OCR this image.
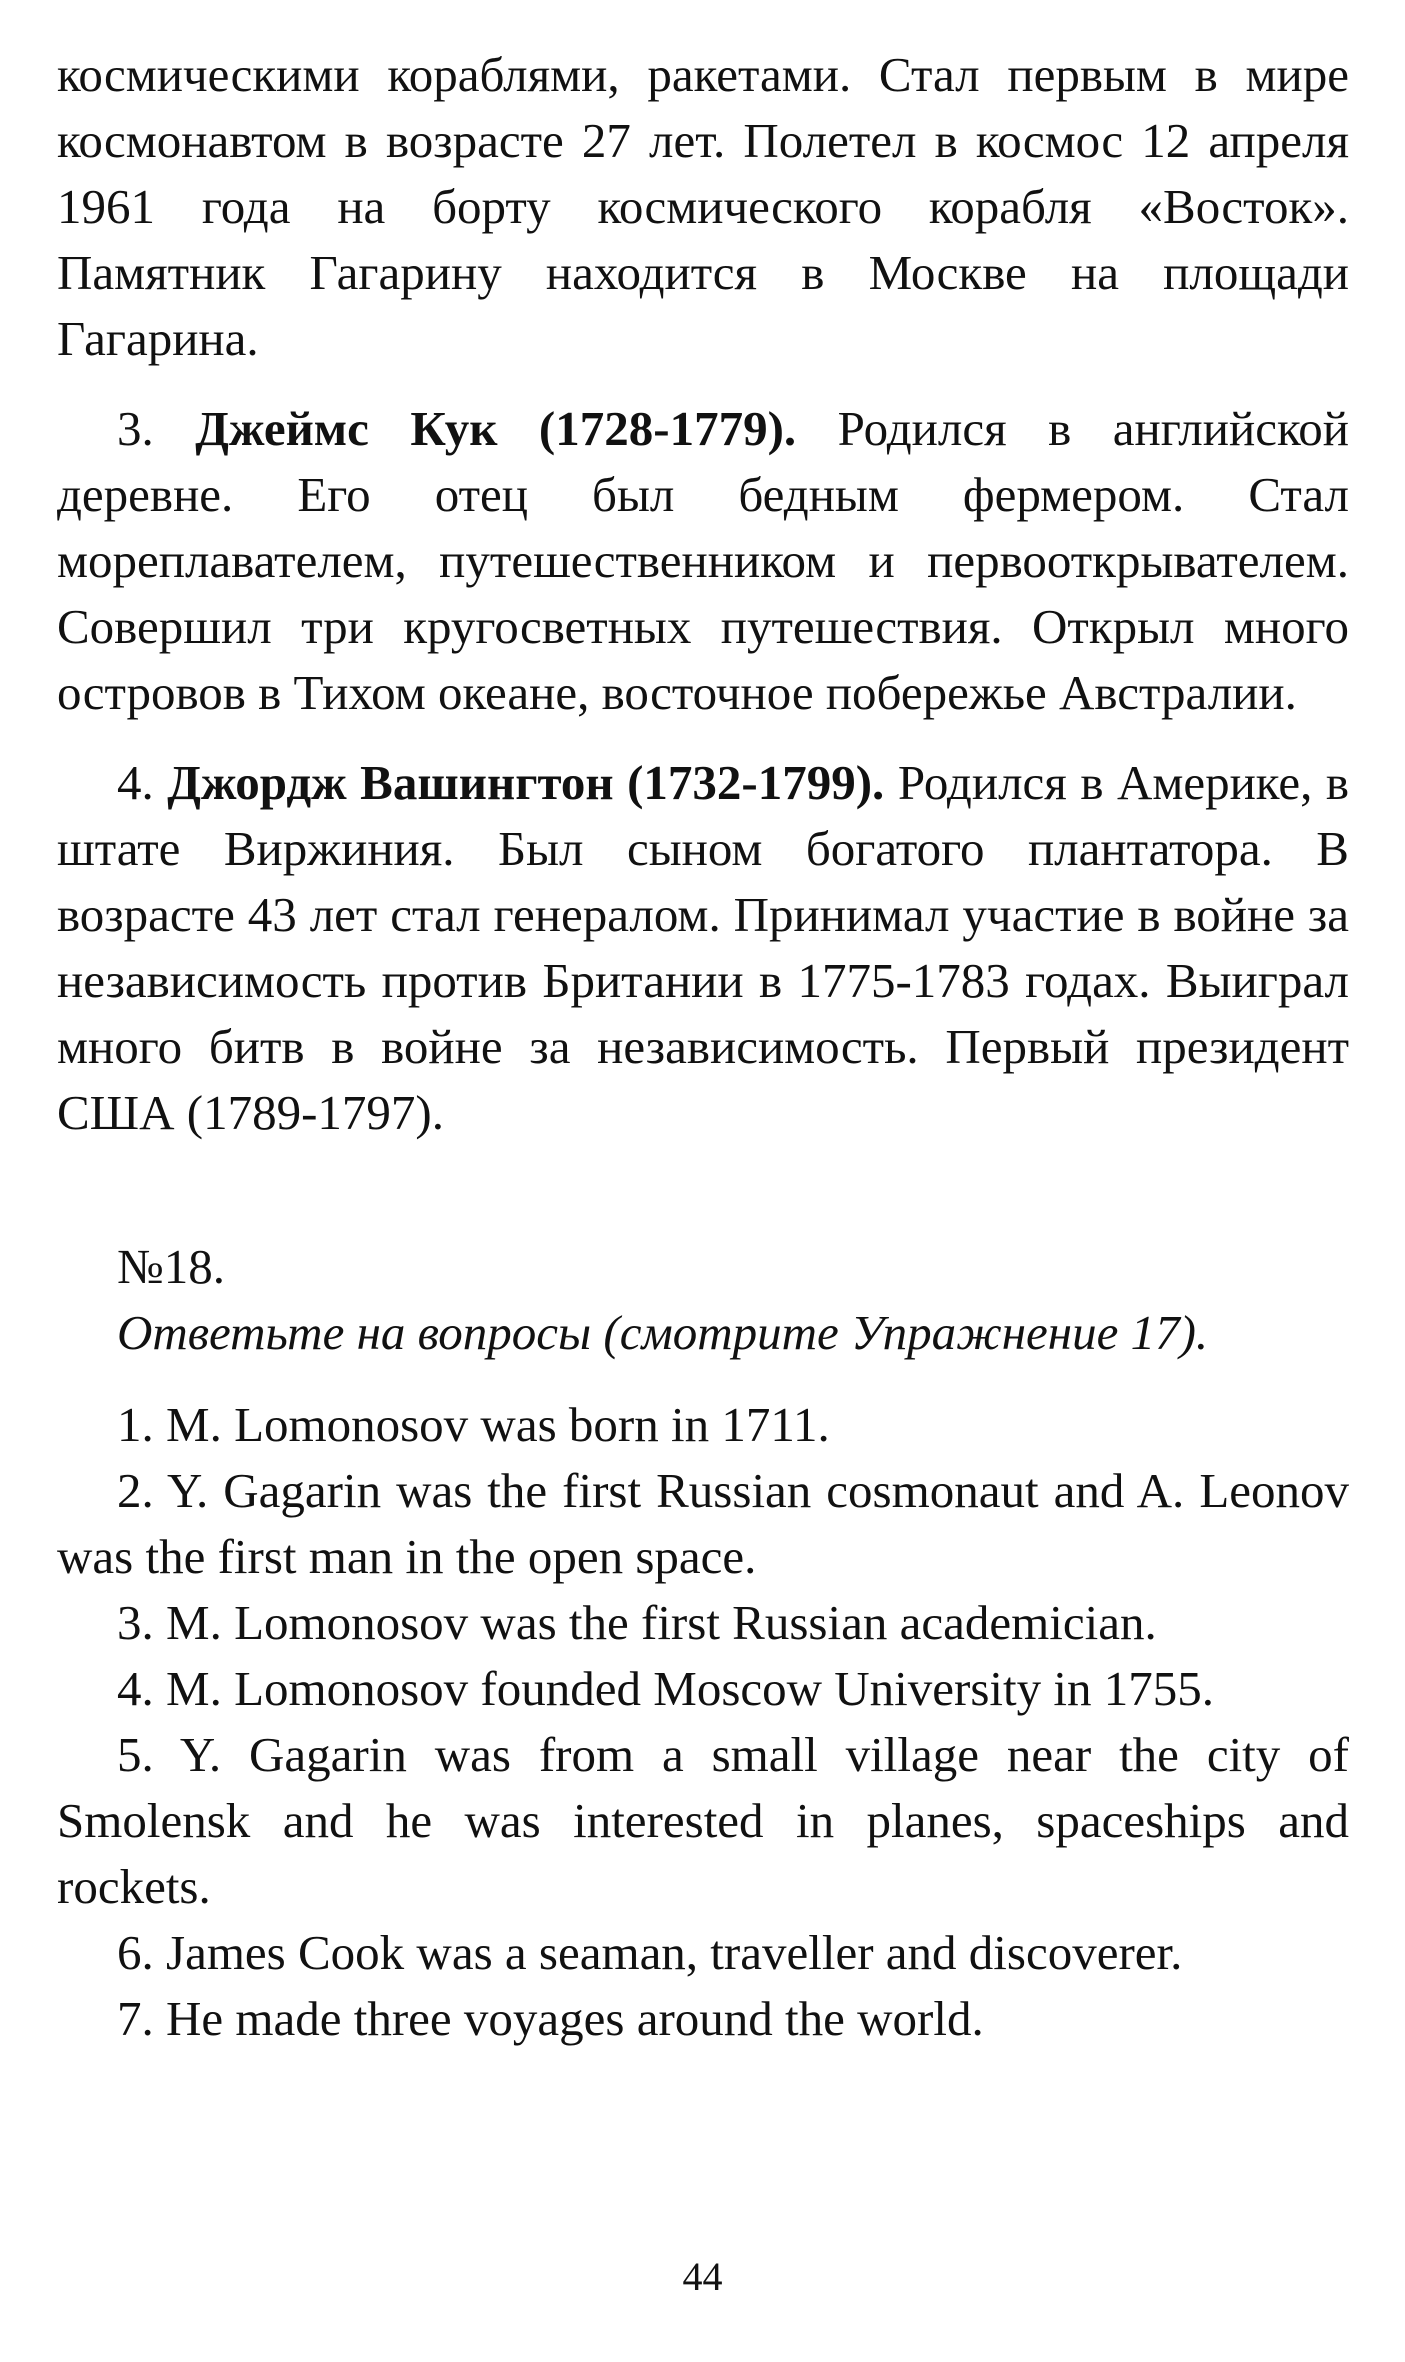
космическими кораблями, ракетами. Стал первым в мире космонавтом в возрасте 27 лет. Полетел в космос 12 апреля 1961 года на борту космического корабля «Восток». Памятник Гагарину находится в Москве на площади Гагарина.

3. Джеймс Кук (1728-1779). Родился в английской деревне. Его отец был бедным фермером. Стал мореплавателем, путешественником и первооткрывателем. Совершил три кругосветных путешествия. Открыл много островов в Тихом океане, восточное побережье Австралии.

4. Джордж Вашингтон (1732-1799). Родился в Америке, в штате Виржиния. Был сыном богатого плантатора. В возрасте 43 лет стал генералом. Принимал участие в войне за независимость против Британии в 1775-1783 годах. Выиграл много битв в войне за независимость. Первый президент США (1789-1797).

№18.

Ответьте на вопросы (смотрите Упражнение 17).

1. M. Lomonosov was born in 1711.

2. Y. Gagarin was the first Russian cosmonaut and A. Leonov was the first man in the open space.

3. M. Lomonosov was the first Russian academician.

4. M. Lomonosov founded Moscow University in 1755.

5. Y. Gagarin was from a small village near the city of Smolensk and he was interested in planes, spaceships and rockets.

6. James Cook was a seaman, traveller and discoverer.

7. He made three voyages around the world.

44
